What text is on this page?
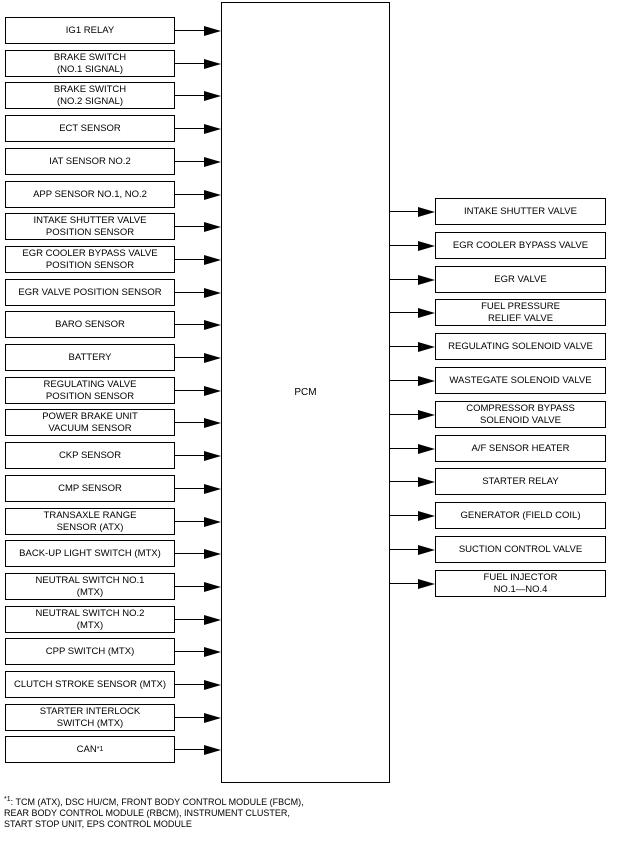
PCM
IG1 RELAY
BRAKE SWITCH
(NO.1 SIGNAL)
BRAKE SWITCH
(NO.2 SIGNAL)
ECT SENSOR
IAT SENSOR NO.2
APP SENSOR NO.1, NO.2
INTAKE SHUTTER VALVE
POSITION SENSOR
EGR COOLER BYPASS VALVE
POSITION SENSOR
EGR VALVE POSITION SENSOR
BARO SENSOR
BATTERY
REGULATING VALVE
POSITION SENSOR
POWER BRAKE UNIT
VACUUM SENSOR
CKP SENSOR
CMP SENSOR
TRANSAXLE RANGE
SENSOR (ATX)
BACK-UP LIGHT SWITCH (MTX)
NEUTRAL SWITCH NO.1
(MTX)
NEUTRAL SWITCH NO.2
(MTX)
CPP SWITCH (MTX)
CLUTCH STROKE SENSOR (MTX)
STARTER INTERLOCK
SWITCH (MTX)
CAN *1
INTAKE SHUTTER VALVE
EGR COOLER BYPASS VALVE
EGR VALVE
FUEL PRESSURE
RELIEF VALVE
REGULATING SOLENOID VALVE
WASTEGATE SOLENOID VALVE
COMPRESSOR BYPASS
SOLENOID VALVE
A/F SENSOR HEATER
STARTER RELAY
GENERATOR (FIELD COIL)
SUCTION CONTROL VALVE
FUEL INJECTOR
NO.1—NO.4
$^{*1}$: TCM (ATX), DSC HU/CM, FRONT BODY CONTROL MODULE (FBCM),
REAR BODY CONTROL MODULE (RBCM), INSTRUMENT CLUSTER,
START STOP UNIT, EPS CONTROL MODULE
